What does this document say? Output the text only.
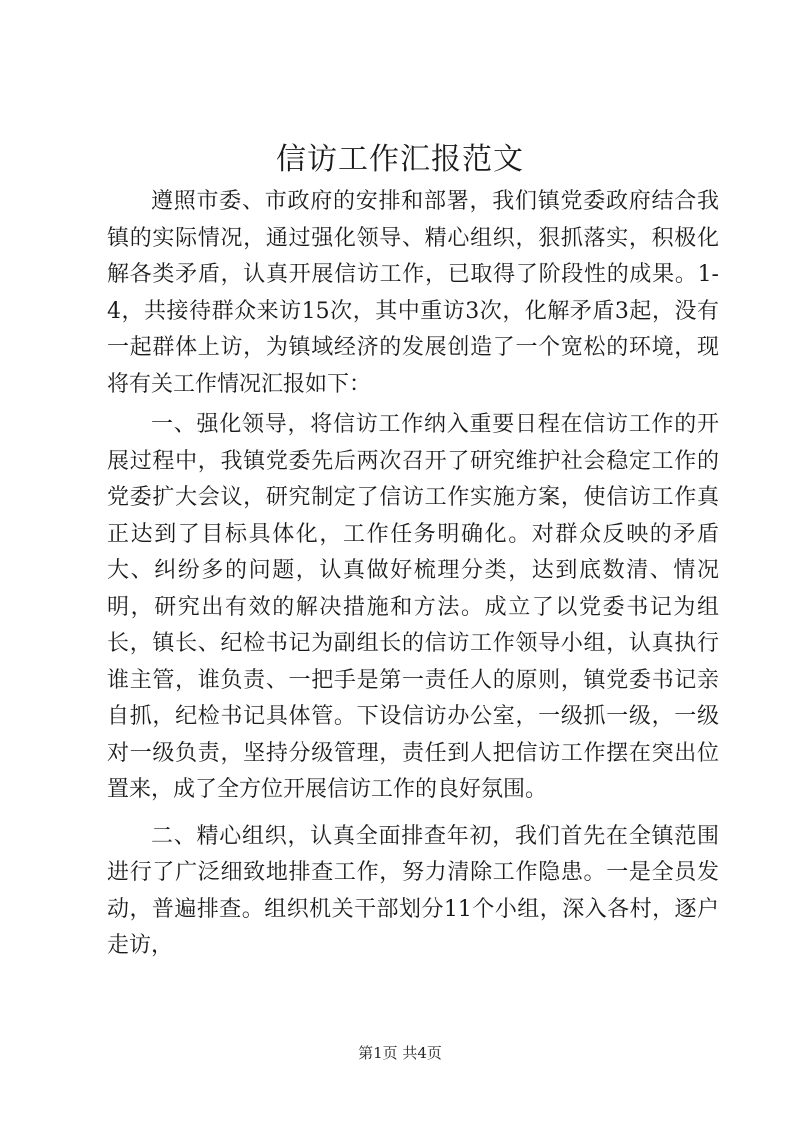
信访工作汇报范文

遵照市委、市政府的安排和部署，我们镇党委政府结合我镇的实际情况，通过强化领导、精心组织，狠抓落实，积极化解各类矛盾，认真开展信访工作，已取得了阶段性的成果。1-4，共接待群众来访15次，其中重访3次，化解矛盾3起，没有一起群体上访，为镇域经济的发展创造了一个宽松的环境，现将有关工作情况汇报如下：

一、强化领导，将信访工作纳入重要日程在信访工作的开展过程中，我镇党委先后两次召开了研究维护社会稳定工作的党委扩大会议，研究制定了信访工作实施方案，使信访工作真正达到了目标具体化，工作任务明确化。对群众反映的矛盾大、纠纷多的问题，认真做好梳理分类，达到底数清、情况明，研究出有效的解决措施和方法。成立了以党委书记为组长，镇长、纪检书记为副组长的信访工作领导小组，认真执行谁主管，谁负责、一把手是第一责任人的原则，镇党委书记亲自抓，纪检书记具体管。下设信访办公室，一级抓一级，一级对一级负责，坚持分级管理，责任到人把信访工作摆在突出位置来，成了全方位开展信访工作的良好氛围。

二、精心组织，认真全面排查年初，我们首先在全镇范围进行了广泛细致地排查工作，努力清除工作隐患。一是全员发动，普遍排查。组织机关干部划分11个小组，深入各村，逐户走访，

第1页 共4页
